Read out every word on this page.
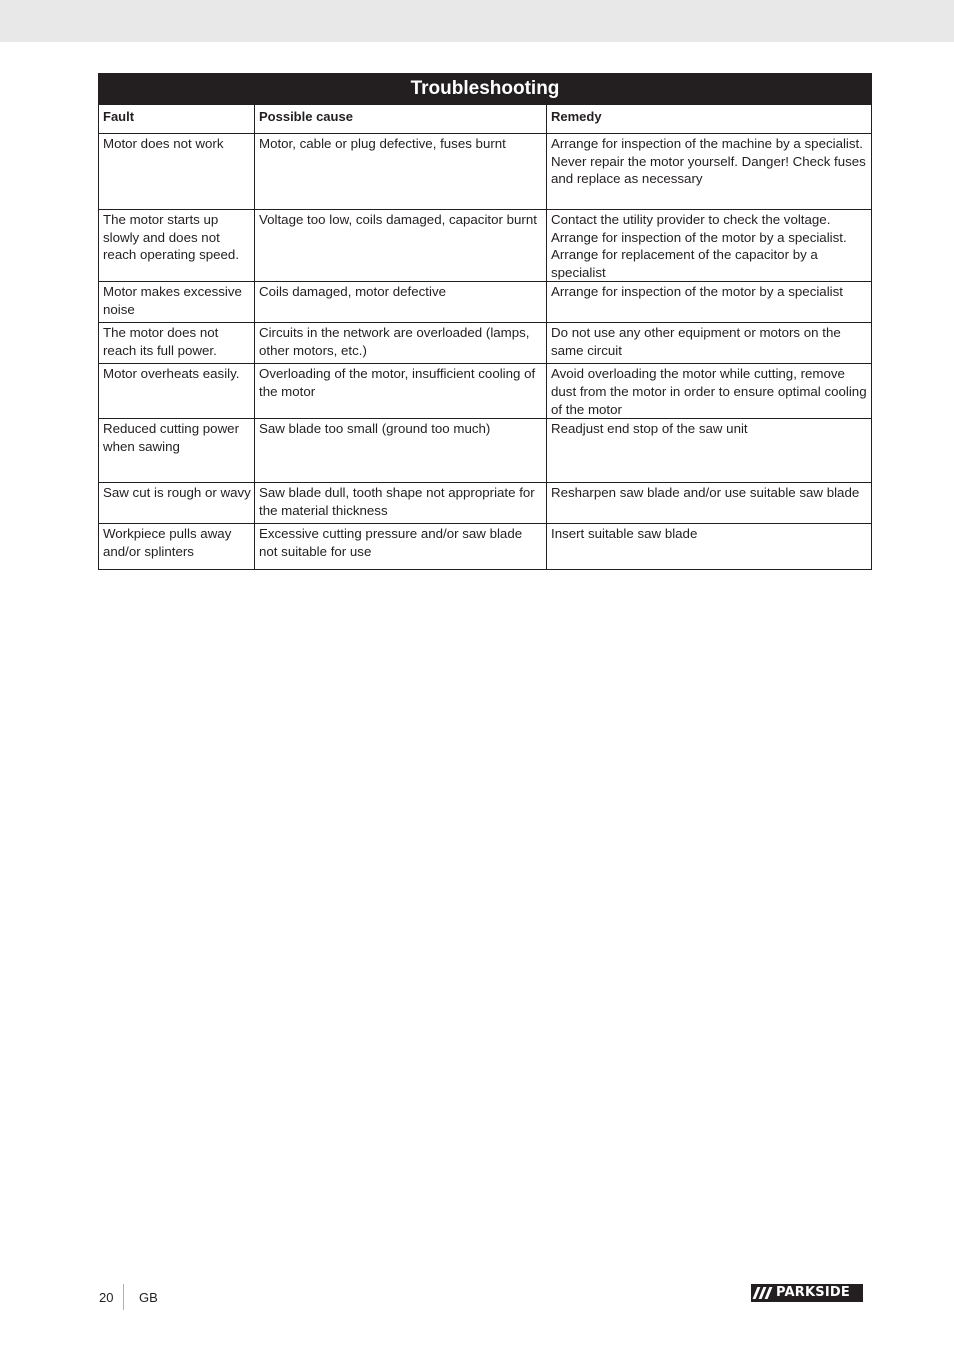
Troubleshooting		
Fault	Possible cause	Remedy
Motor does not work	Motor, cable or plug defective, fuses burnt	Arrange for inspection of the machine by a specialist. Never repair the motor yourself. Danger! Check fuses and replace as necessary
The motor starts up slowly and does not reach operating speed.	Voltage too low, coils damaged, capacitor burnt	Contact the utility provider to check the voltage. Arrange for inspection of the motor by a specialist. Arrange for replacement of the capacitor by a specialist
Motor makes excessive noise	Coils damaged, motor defective	Arrange for inspection of the motor by a specialist
The motor does not reach its full power.	Circuits in the network are overloaded (lamps, other motors, etc.)	Do not use any other equipment or motors on the same circuit
Motor overheats easily.	Overloading of the motor, insufficient cooling of the motor	Avoid overloading the motor while cutting, remove dust from the motor in order to ensure optimal cooling of the motor
Reduced cutting power when sawing	Saw blade too small (ground too much)	Readjust end stop of the saw unit
Saw cut is rough or wavy	Saw blade dull, tooth shape not appropriate for the material thickness	Resharpen saw blade and/or use suitable saw blade
Workpiece pulls away and/or splinters	Excessive cutting pressure and/or saw blade not suitable for use	Insert suitable saw blade
20 GB	PARKSIDE
